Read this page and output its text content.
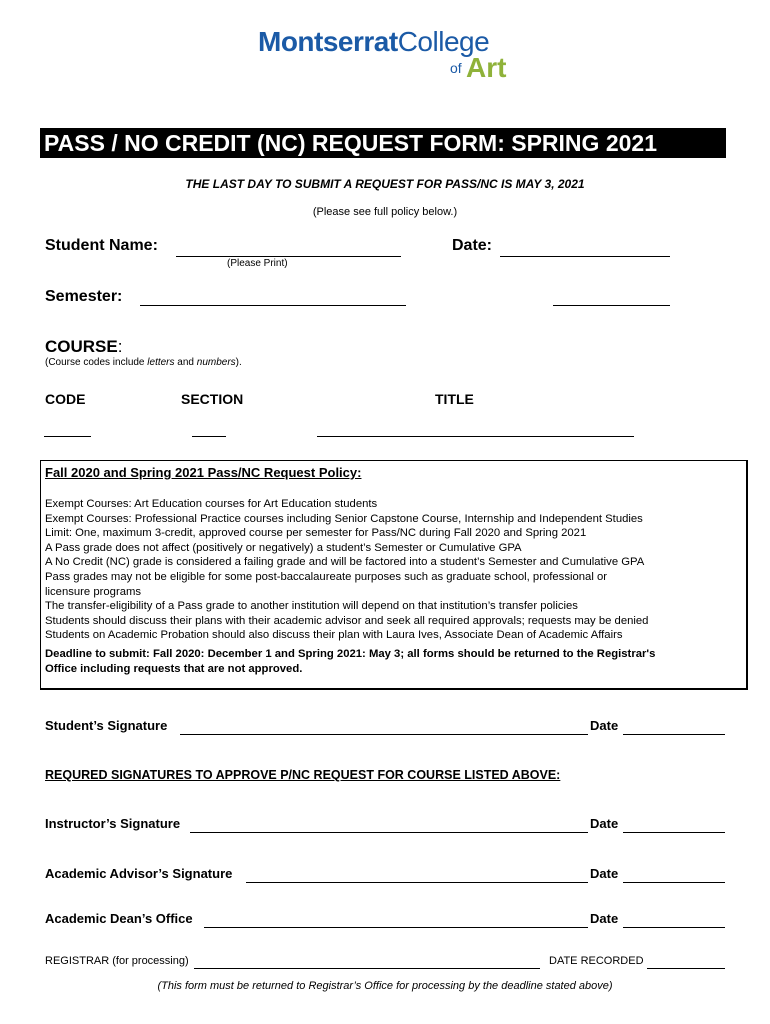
MontserratCollege
of Art
PASS / NO CREDIT (NC) REQUEST FORM: SPRING 2021
THE LAST DAY TO SUBMIT A REQUEST FOR PASS/NC IS MAY 3, 2021
(Please see full policy below.)
Student Name:
(Please Print)
Date:
Semester:
COURSE:
(Course codes include letters and numbers).
CODE	SECTION	TITLE
Fall 2020 and Spring 2021 Pass/NC Request Policy:
Exempt Courses: Art Education courses for Art Education students
Exempt Courses: Professional Practice courses including Senior Capstone Course, Internship and Independent Studies
Limit: One, maximum 3-credit, approved course per semester for Pass/NC during Fall 2020 and Spring 2021
A Pass grade does not affect (positively or negatively) a student’s Semester or Cumulative GPA
A No Credit (NC) grade is considered a failing grade and will be factored into a student’s Semester and Cumulative GPA
Pass grades may not be eligible for some post-baccalaureate purposes such as graduate school, professional or
licensure programs
The transfer-eligibility of a Pass grade to another institution will depend on that institution’s transfer policies
Students should discuss their plans with their academic advisor and seek all required approvals; requests may be denied
Students on Academic Probation should also discuss their plan with Laura Ives, Associate Dean of Academic Affairs
Deadline to submit: Fall 2020: December 1 and Spring 2021: May 3; all forms should be returned to the Registrar's
Office including requests that are not approved.
Student’s Signature	Date
REQURED SIGNATURES TO APPROVE P/NC REQUEST FOR COURSE LISTED ABOVE:
Instructor’s Signature	Date
Academic Advisor’s Signature	Date
Academic Dean’s Office	Date
REGISTRAR (for processing)	DATE RECORDED
(This form must be returned to Registrar’s Office for processing by the deadline stated above)
